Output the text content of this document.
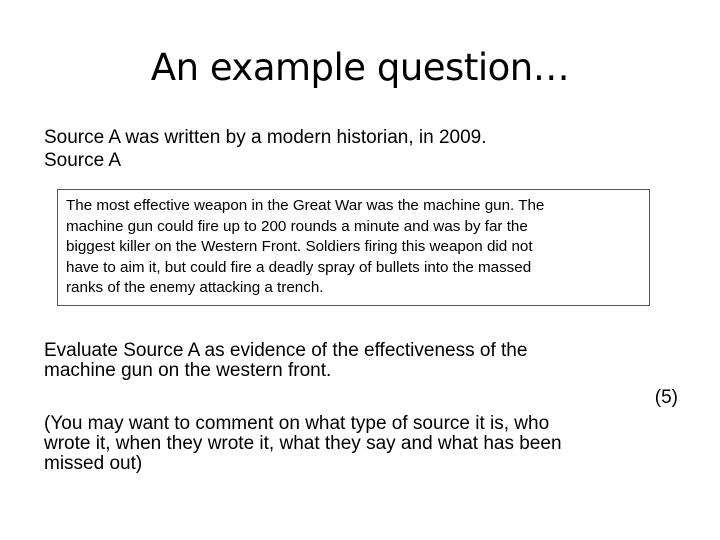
An example question…
Source A was written by a modern historian, in 2009.
Source A
The most effective weapon in the Great War was the machine gun. The
machine gun could fire up to 200 rounds a minute and was by far the
biggest killer on the Western Front. Soldiers firing this weapon did not
have to aim it, but could fire a deadly spray of bullets into the massed
ranks of the enemy attacking a trench.
Evaluate Source A as evidence of the effectiveness of the
machine gun on the western front.
(5)
(You may want to comment on what type of source it is, who
wrote it, when they wrote it, what they say and what has been
missed out)
